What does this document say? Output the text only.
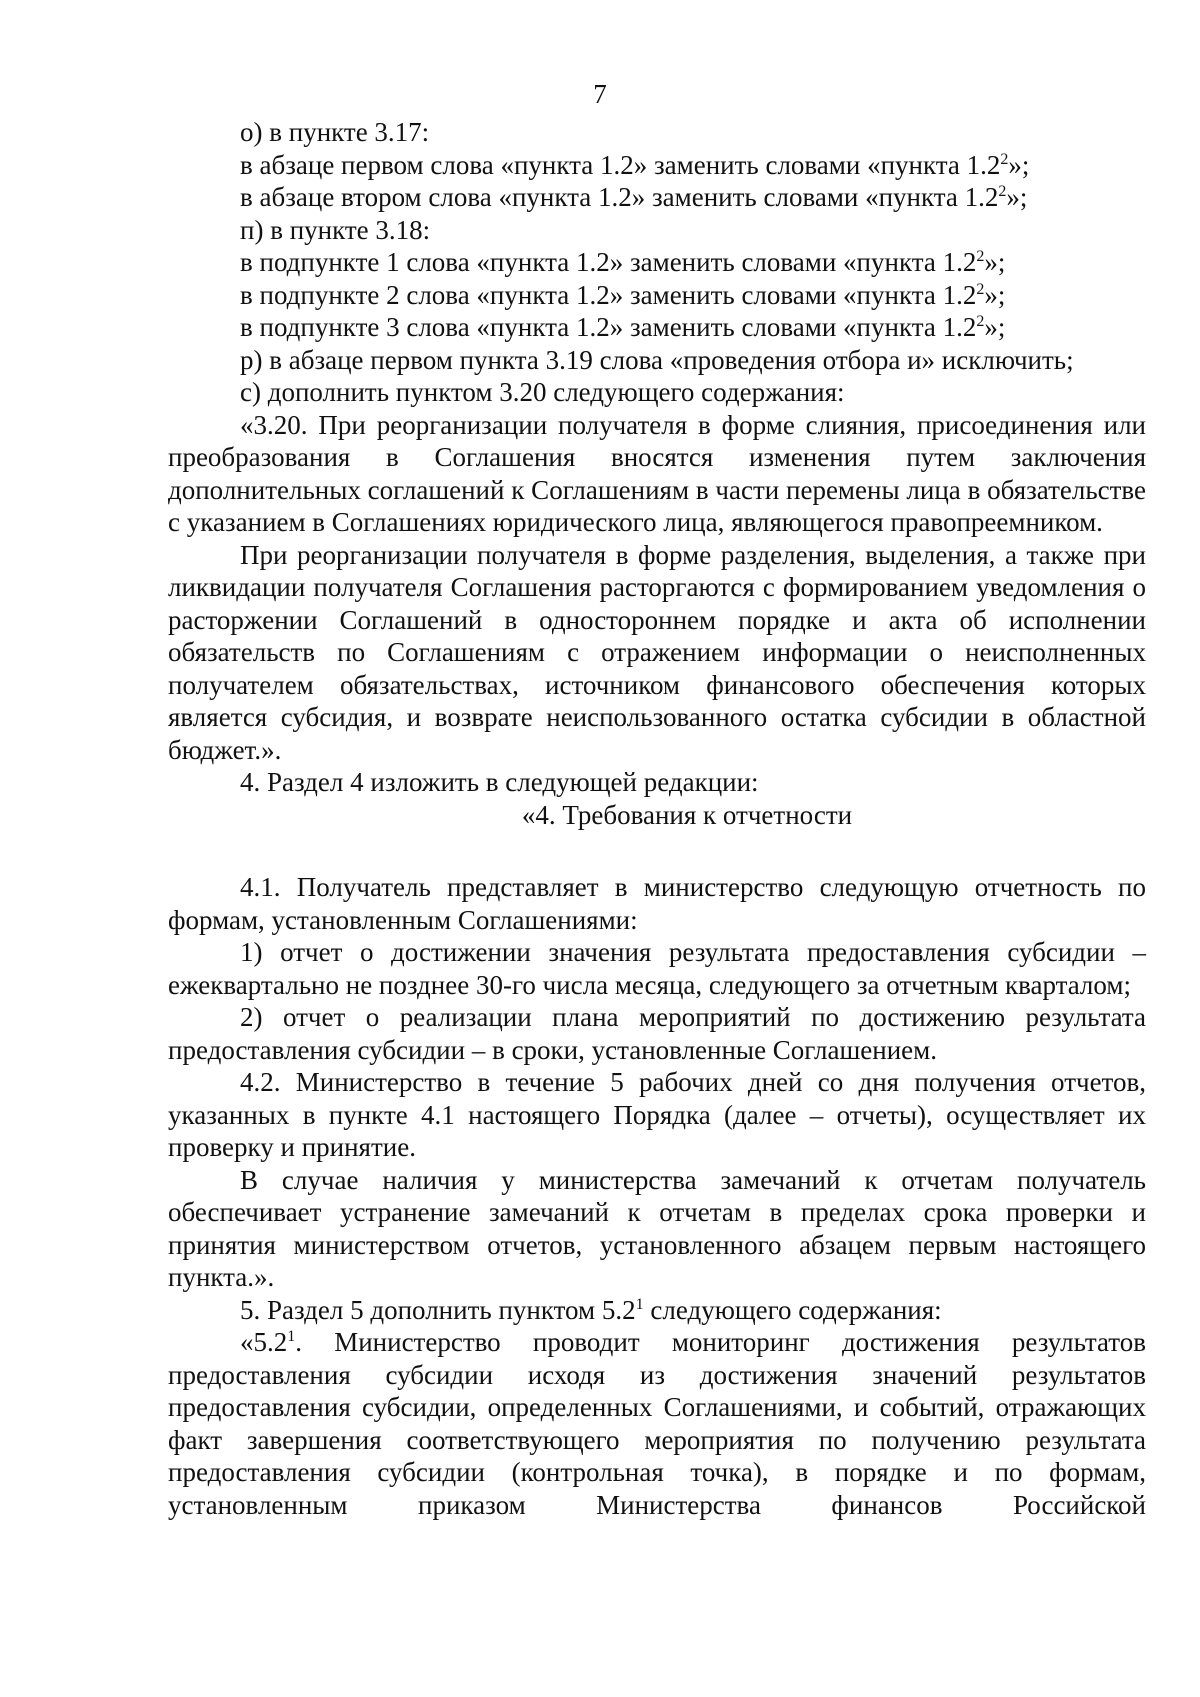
7

о) в пункте 3.17:

в абзаце первом слова «пункта 1.2» заменить словами «пункта $1.2^2$»;

в абзаце втором слова «пункта 1.2» заменить словами «пункта $1.2^2$»;

п) в пункте 3.18:

в подпункте 1 слова «пункта 1.2» заменить словами «пункта $1.2^2$»;

в подпункте 2 слова «пункта 1.2» заменить словами «пункта $1.2^2$»;

в подпункте 3 слова «пункта 1.2» заменить словами «пункта $1.2^2$»;

р) в абзаце первом пункта 3.19 слова «проведения отбора и» исключить;

с) дополнить пунктом 3.20 следующего содержания:

«3.20. При реорганизации получателя в форме слияния, присоединения или преобразования в Соглашения вносятся изменения путем заключения дополнительных соглашений к Соглашениям в части перемены лица в обязательстве с указанием в Соглашениях юридического лица, являющегося правопреемником.

При реорганизации получателя в форме разделения, выделения, а также при ликвидации получателя Соглашения расторгаются с формированием уведомления о расторжении Соглашений в одностороннем порядке и акта об исполнении обязательств по Соглашениям с отражением информации о неисполненных получателем обязательствах, источником финансового обеспечения которых является субсидия, и возврате неиспользованного остатка субсидии в областной бюджет.».

4. Раздел 4 изложить в следующей редакции:

«4. Требования к отчетности

4.1. Получатель представляет в министерство следующую отчетность по формам, установленным Соглашениями:

1) отчет о достижении значения результата предоставления субсидии – ежеквартально не позднее 30-го числа месяца, следующего за отчетным кварталом;

2) отчет о реализации плана мероприятий по достижению результата предоставления субсидии – в сроки, установленные Соглашением.

4.2. Министерство в течение 5 рабочих дней со дня получения отчетов, указанных в пункте 4.1 настоящего Порядка (далее – отчеты), осуществляет их проверку и принятие.

В случае наличия у министерства замечаний к отчетам получатель обеспечивает устранение замечаний к отчетам в пределах срока проверки и принятия министерством отчетов, установленного абзацем первым настоящего пункта.».

5. Раздел 5 дополнить пунктом $5.2^1$ следующего содержания:

«$5.2^1$. Министерство проводит мониторинг достижения результатов предоставления субсидии исходя из достижения значений результатов предоставления субсидии, определенных Соглашениями, и событий, отражающих факт завершения соответствующего мероприятия по получению результата предоставления субсидии (контрольная точка), в порядке и по формам, установленным приказом Министерства финансов Российской
